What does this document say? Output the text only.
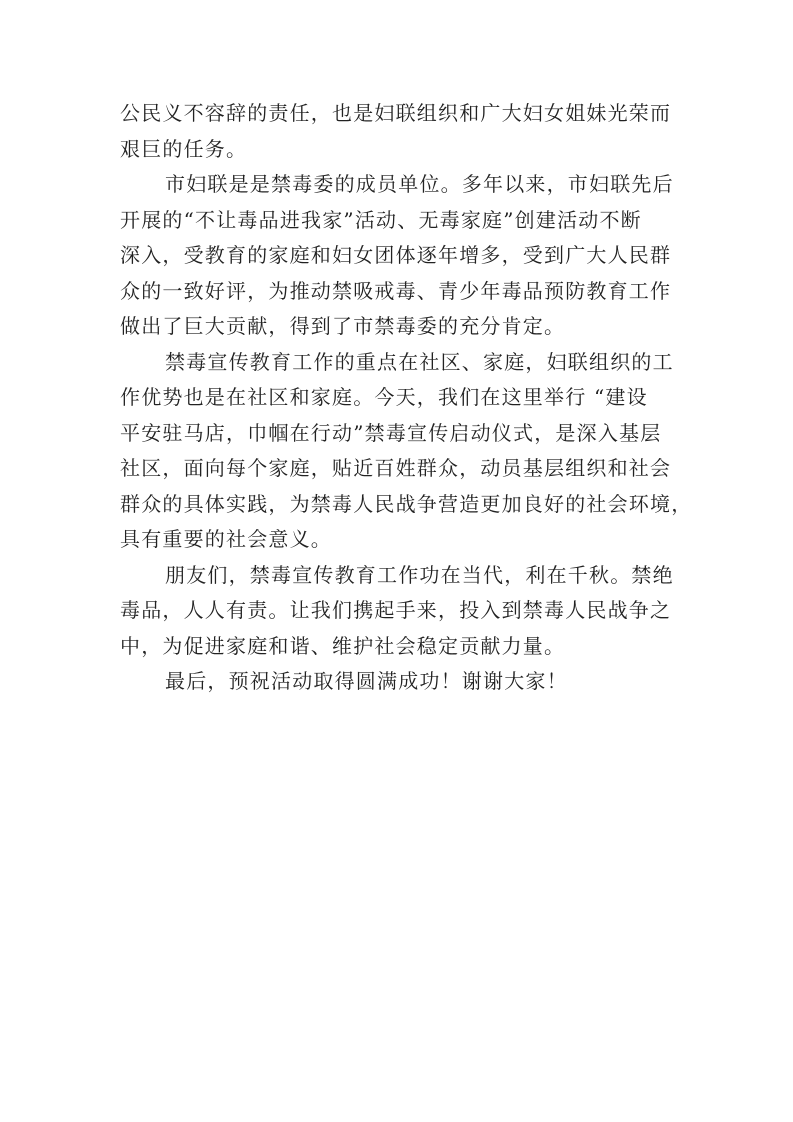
公民义不容辞的责任，也是妇联组织和广大妇女姐妹光荣而
艰巨的任务。
市妇联是是禁毒委的成员单位。多年以来，市妇联先后
开展的“不让毒品进我家”活动、无毒家庭”创建活动不断
深入，受教育的家庭和妇女团体逐年增多，受到广大人民群
众的一致好评，为推动禁吸戒毒、青少年毒品预防教育工作
做出了巨大贡献，得到了市禁毒委的充分肯定。
禁毒宣传教育工作的重点在社区、家庭，妇联组织的工
作优势也是在社区和家庭。今天，我们在这里举行 “建设
平安驻马店，巾帼在行动”禁毒宣传启动仪式，是深入基层
社区，面向每个家庭，贴近百姓群众，动员基层组织和社会
群众的具体实践，为禁毒人民战争营造更加良好的社会环境，
具有重要的社会意义。
朋友们，禁毒宣传教育工作功在当代，利在千秋。禁绝
毒品，人人有责。让我们携起手来，投入到禁毒人民战争之
中，为促进家庭和谐、维护社会稳定贡献力量。
最后，预祝活动取得圆满成功！谢谢大家！
